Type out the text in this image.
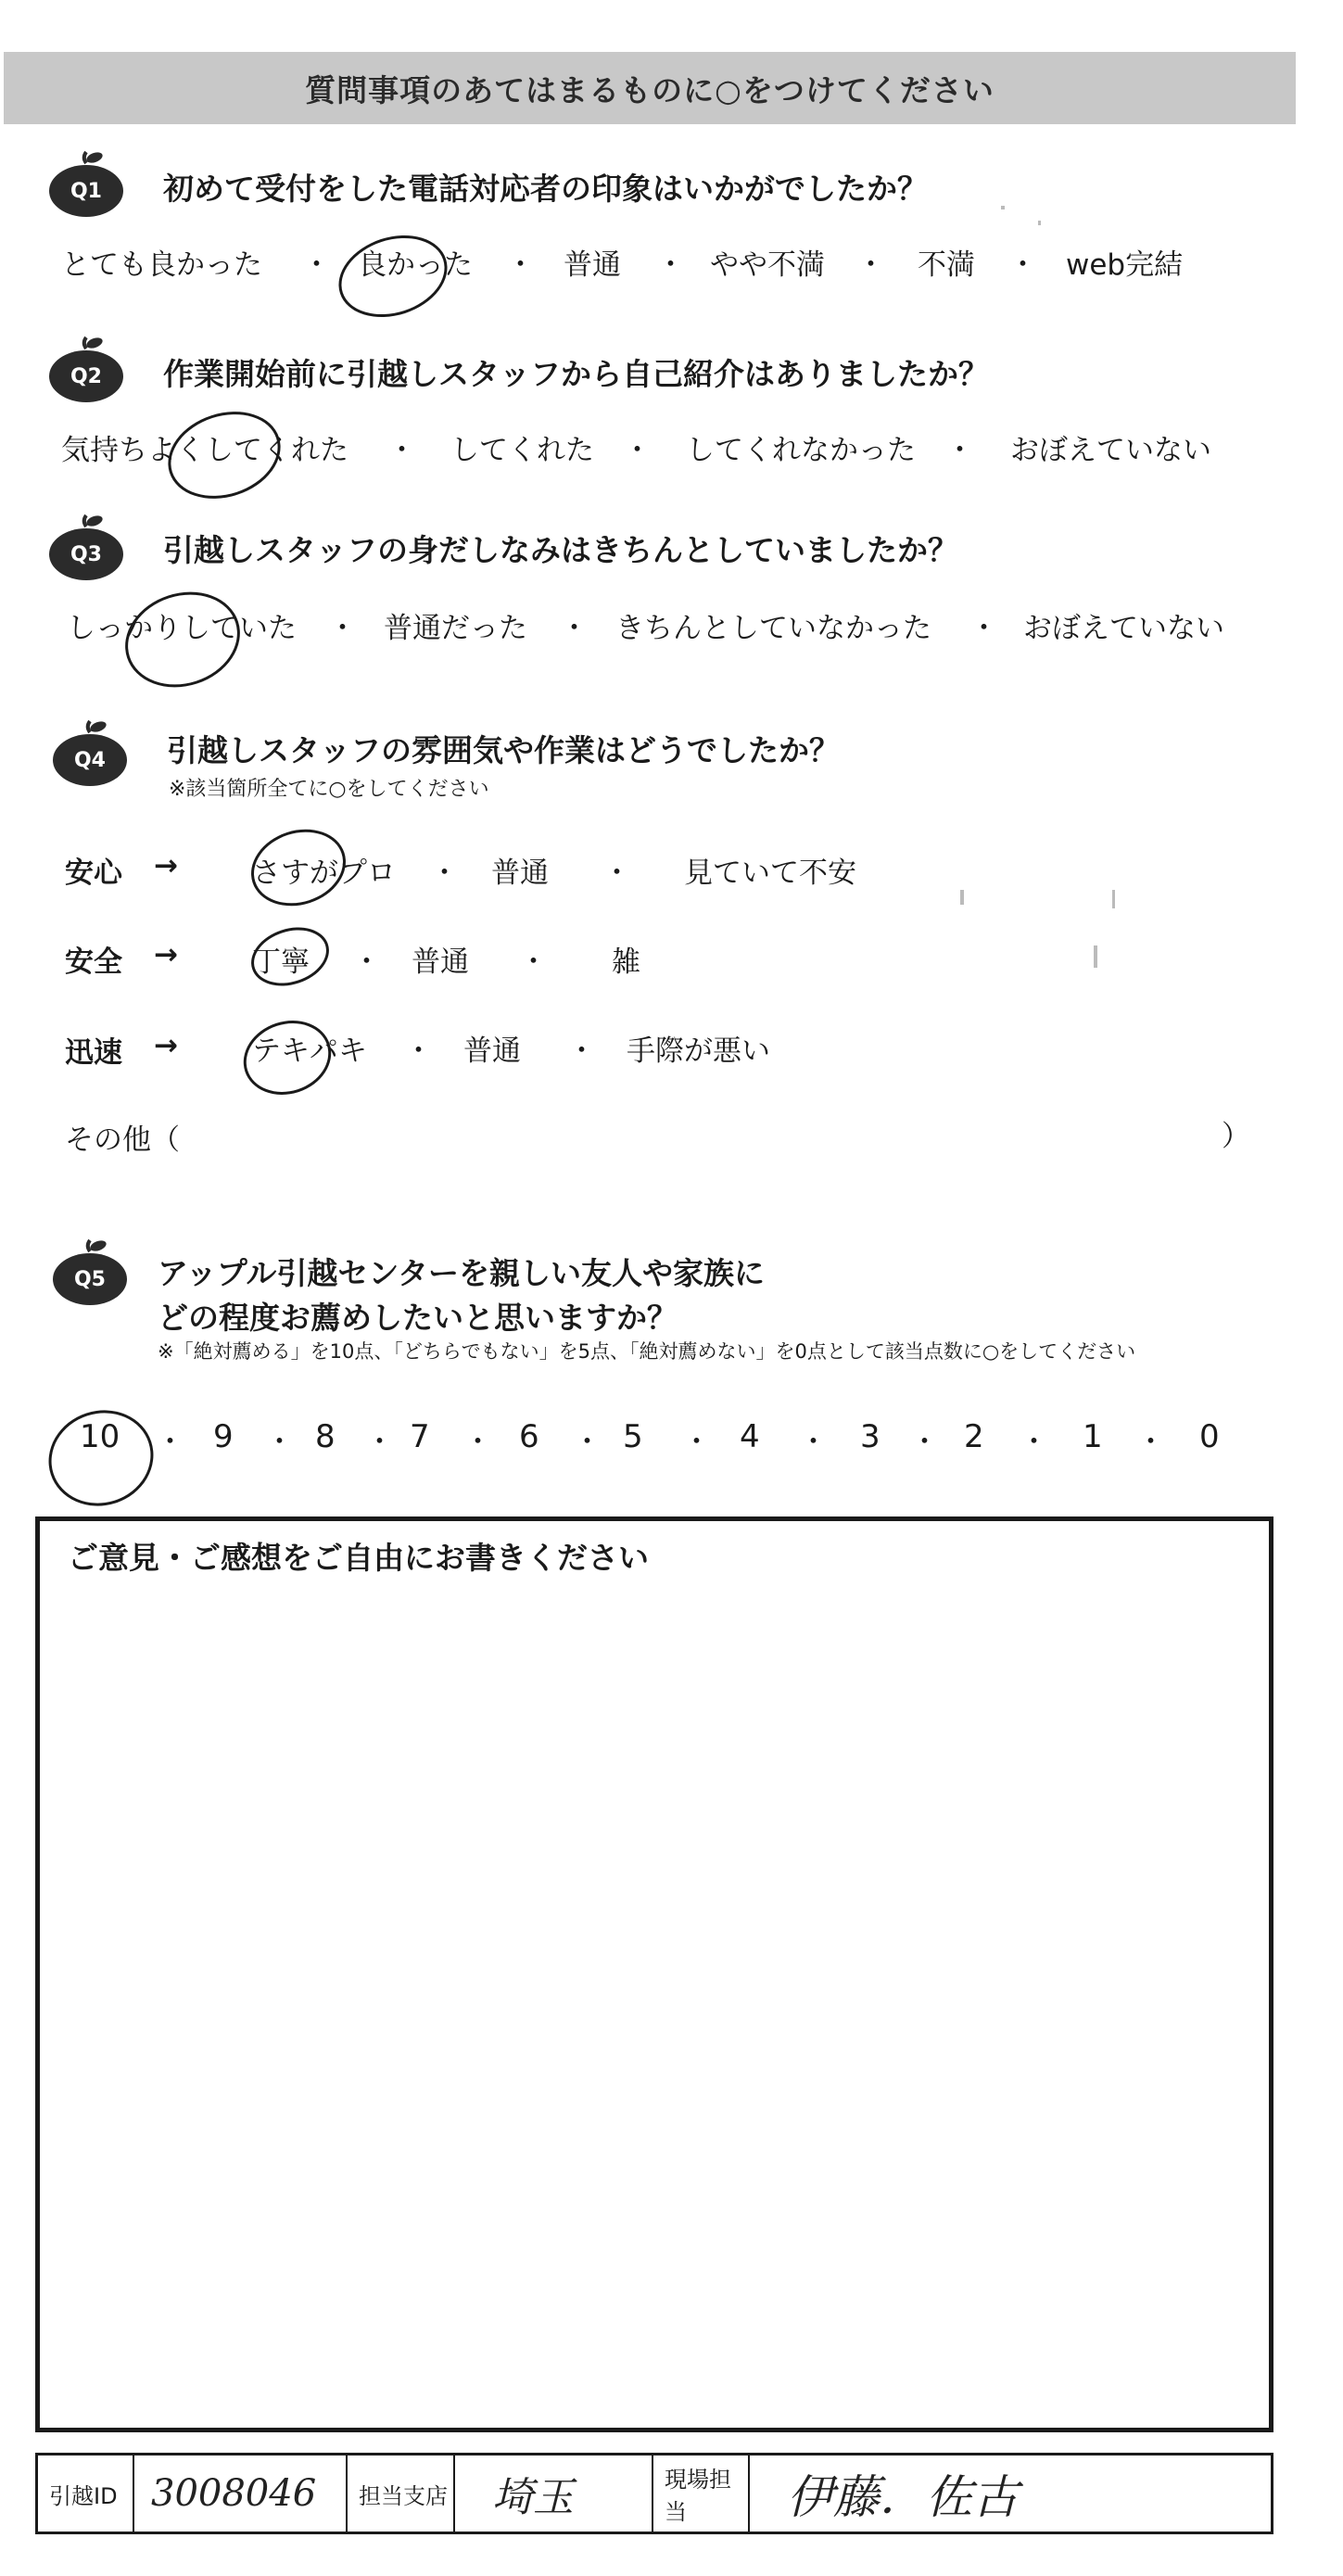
質問事項のあてはまるものに○をつけてください
Q1	初めて受付をした電話対応者の印象はいかがでしたか？
とても良かった ・ 良かった ・ 普通 ・ やや不満 ・ 不満 ・ web完結
Q2	作業開始前に引越しスタッフから自己紹介はありましたか？
気持ちよくしてくれた ・ してくれた ・ してくれなかった ・ おぼえていない
Q3	引越しスタッフの身だしなみはきちんとしていましたか？
しっかりしていた ・ 普通だった ・ きちんとしていなかった ・ おぼえていない
Q4	引越しスタッフの雰囲気や作業はどうでしたか？
※該当箇所全てに○をしてください
安心 →	さすがプロ ・ 普通 ・ 見ていて不安
安全 →	丁寧 ・ 普通 ・ 雑
迅速 →	テキパキ ・ 普通 ・ 手際が悪い
その他（	）
Q5	アップル引越センターを親しい友人や家族に
どの程度お薦めしたいと思いますか？
※「絶対薦める」を10点、「どちらでもない」を5点、「絶対薦めない」を0点として該当点数に○をしてください
10 ・ 9 ・ 8 ・ 7 ・ 6 ・ 5 ・ 4 ・ 3 ・ 2 ・ 1 ・ 0
ご意見・ご感想をご自由にお書きください
引越ID 3008046	担当支店	埼玉	現場担当	伊藤．佐古
